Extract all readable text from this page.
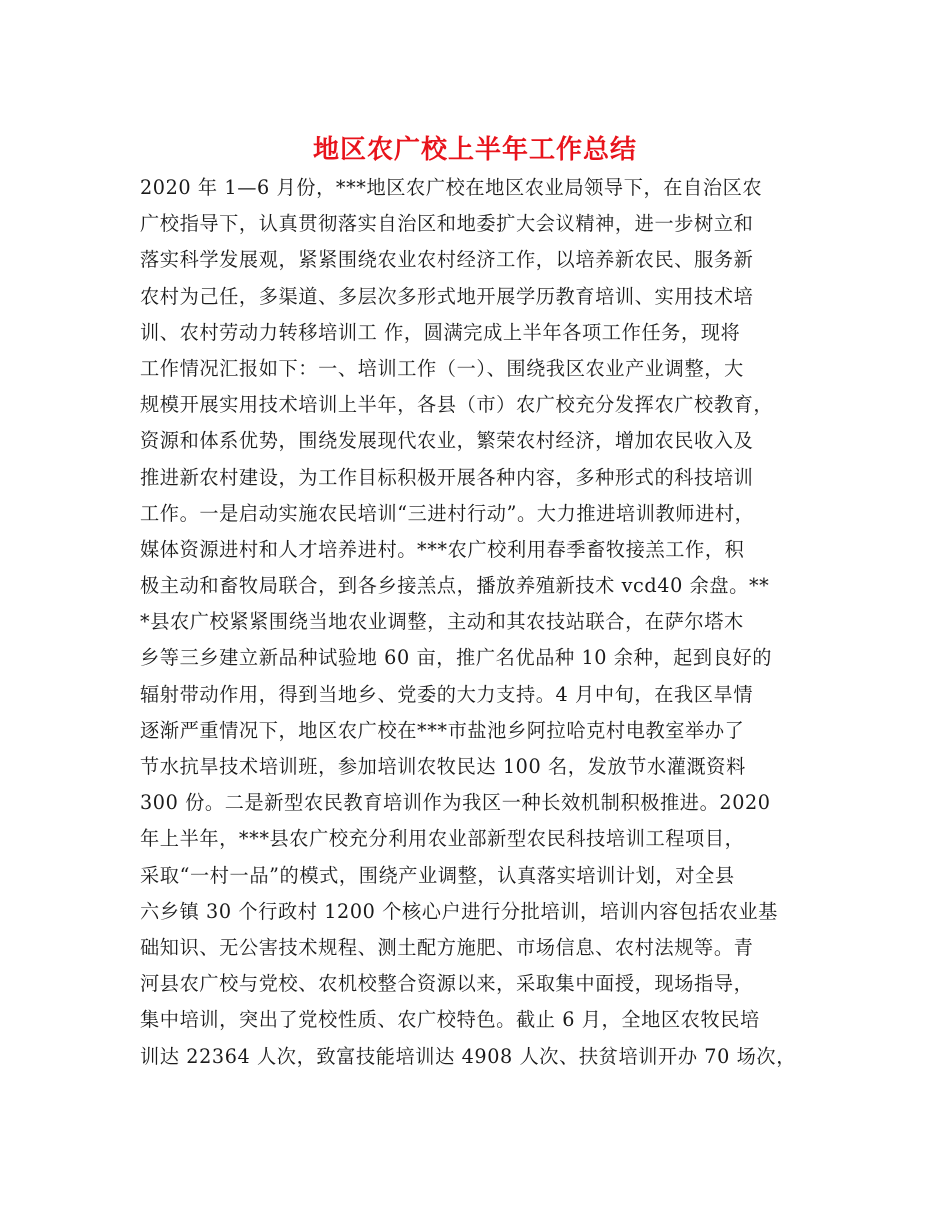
地区农广校上半年工作总结
2020 年 1—6 月份，***地区农广校在地区农业局领导下，在自治区农
广校指导下，认真贯彻落实自治区和地委扩大会议精神，进一步树立和
落实科学发展观，紧紧围绕农业农村经济工作，以培养新农民、服务新
农村为己任，多渠道、多层次多形式地开展学历教育培训、实用技术培
训、农村劳动力转移培训工 作，圆满完成上半年各项工作任务，现将
工作情况汇报如下：一、培训工作（一）、围绕我区农业产业调整，大
规模开展实用技术培训上半年，各县（市）农广校充分发挥农广校教育，
资源和体系优势，围绕发展现代农业，繁荣农村经济，增加农民收入及
推进新农村建设，为工作目标积极开展各种内容，多种形式的科技培训
工作。一是启动实施农民培训“三进村行动”。大力推进培训教师进村，
媒体资源进村和人才培养进村。***农广校利用春季畜牧接羔工作，积
极主动和畜牧局联合，到各乡接羔点，播放养殖新技术 vcd40 余盘。**
*县农广校紧紧围绕当地农业调整，主动和其农技站联合，在萨尔塔木
乡等三乡建立新品种试验地 60 亩，推广名优品种 10 余种，起到良好的
辐射带动作用，得到当地乡、党委的大力支持。4 月中旬，在我区旱情
逐渐严重情况下，地区农广校在***市盐池乡阿拉哈克村电教室举办了
节水抗旱技术培训班，参加培训农牧民达 100 名，发放节水灌溉资料
300 份。二是新型农民教育培训作为我区一种长效机制积极推进。2020
年上半年，***县农广校充分利用农业部新型农民科技培训工程项目，
采取“一村一品”的模式，围绕产业调整，认真落实培训计划，对全县
六乡镇 30 个行政村 1200 个核心户进行分批培训，培训内容包括农业基
础知识、无公害技术规程、测土配方施肥、市场信息、农村法规等。青
河县农广校与党校、农机校整合资源以来，采取集中面授，现场指导，
集中培训，突出了党校性质、农广校特色。截止 6 月，全地区农牧民培
训达 22364 人次，致富技能培训达 4908 人次、扶贫培训开办 70 场次，
